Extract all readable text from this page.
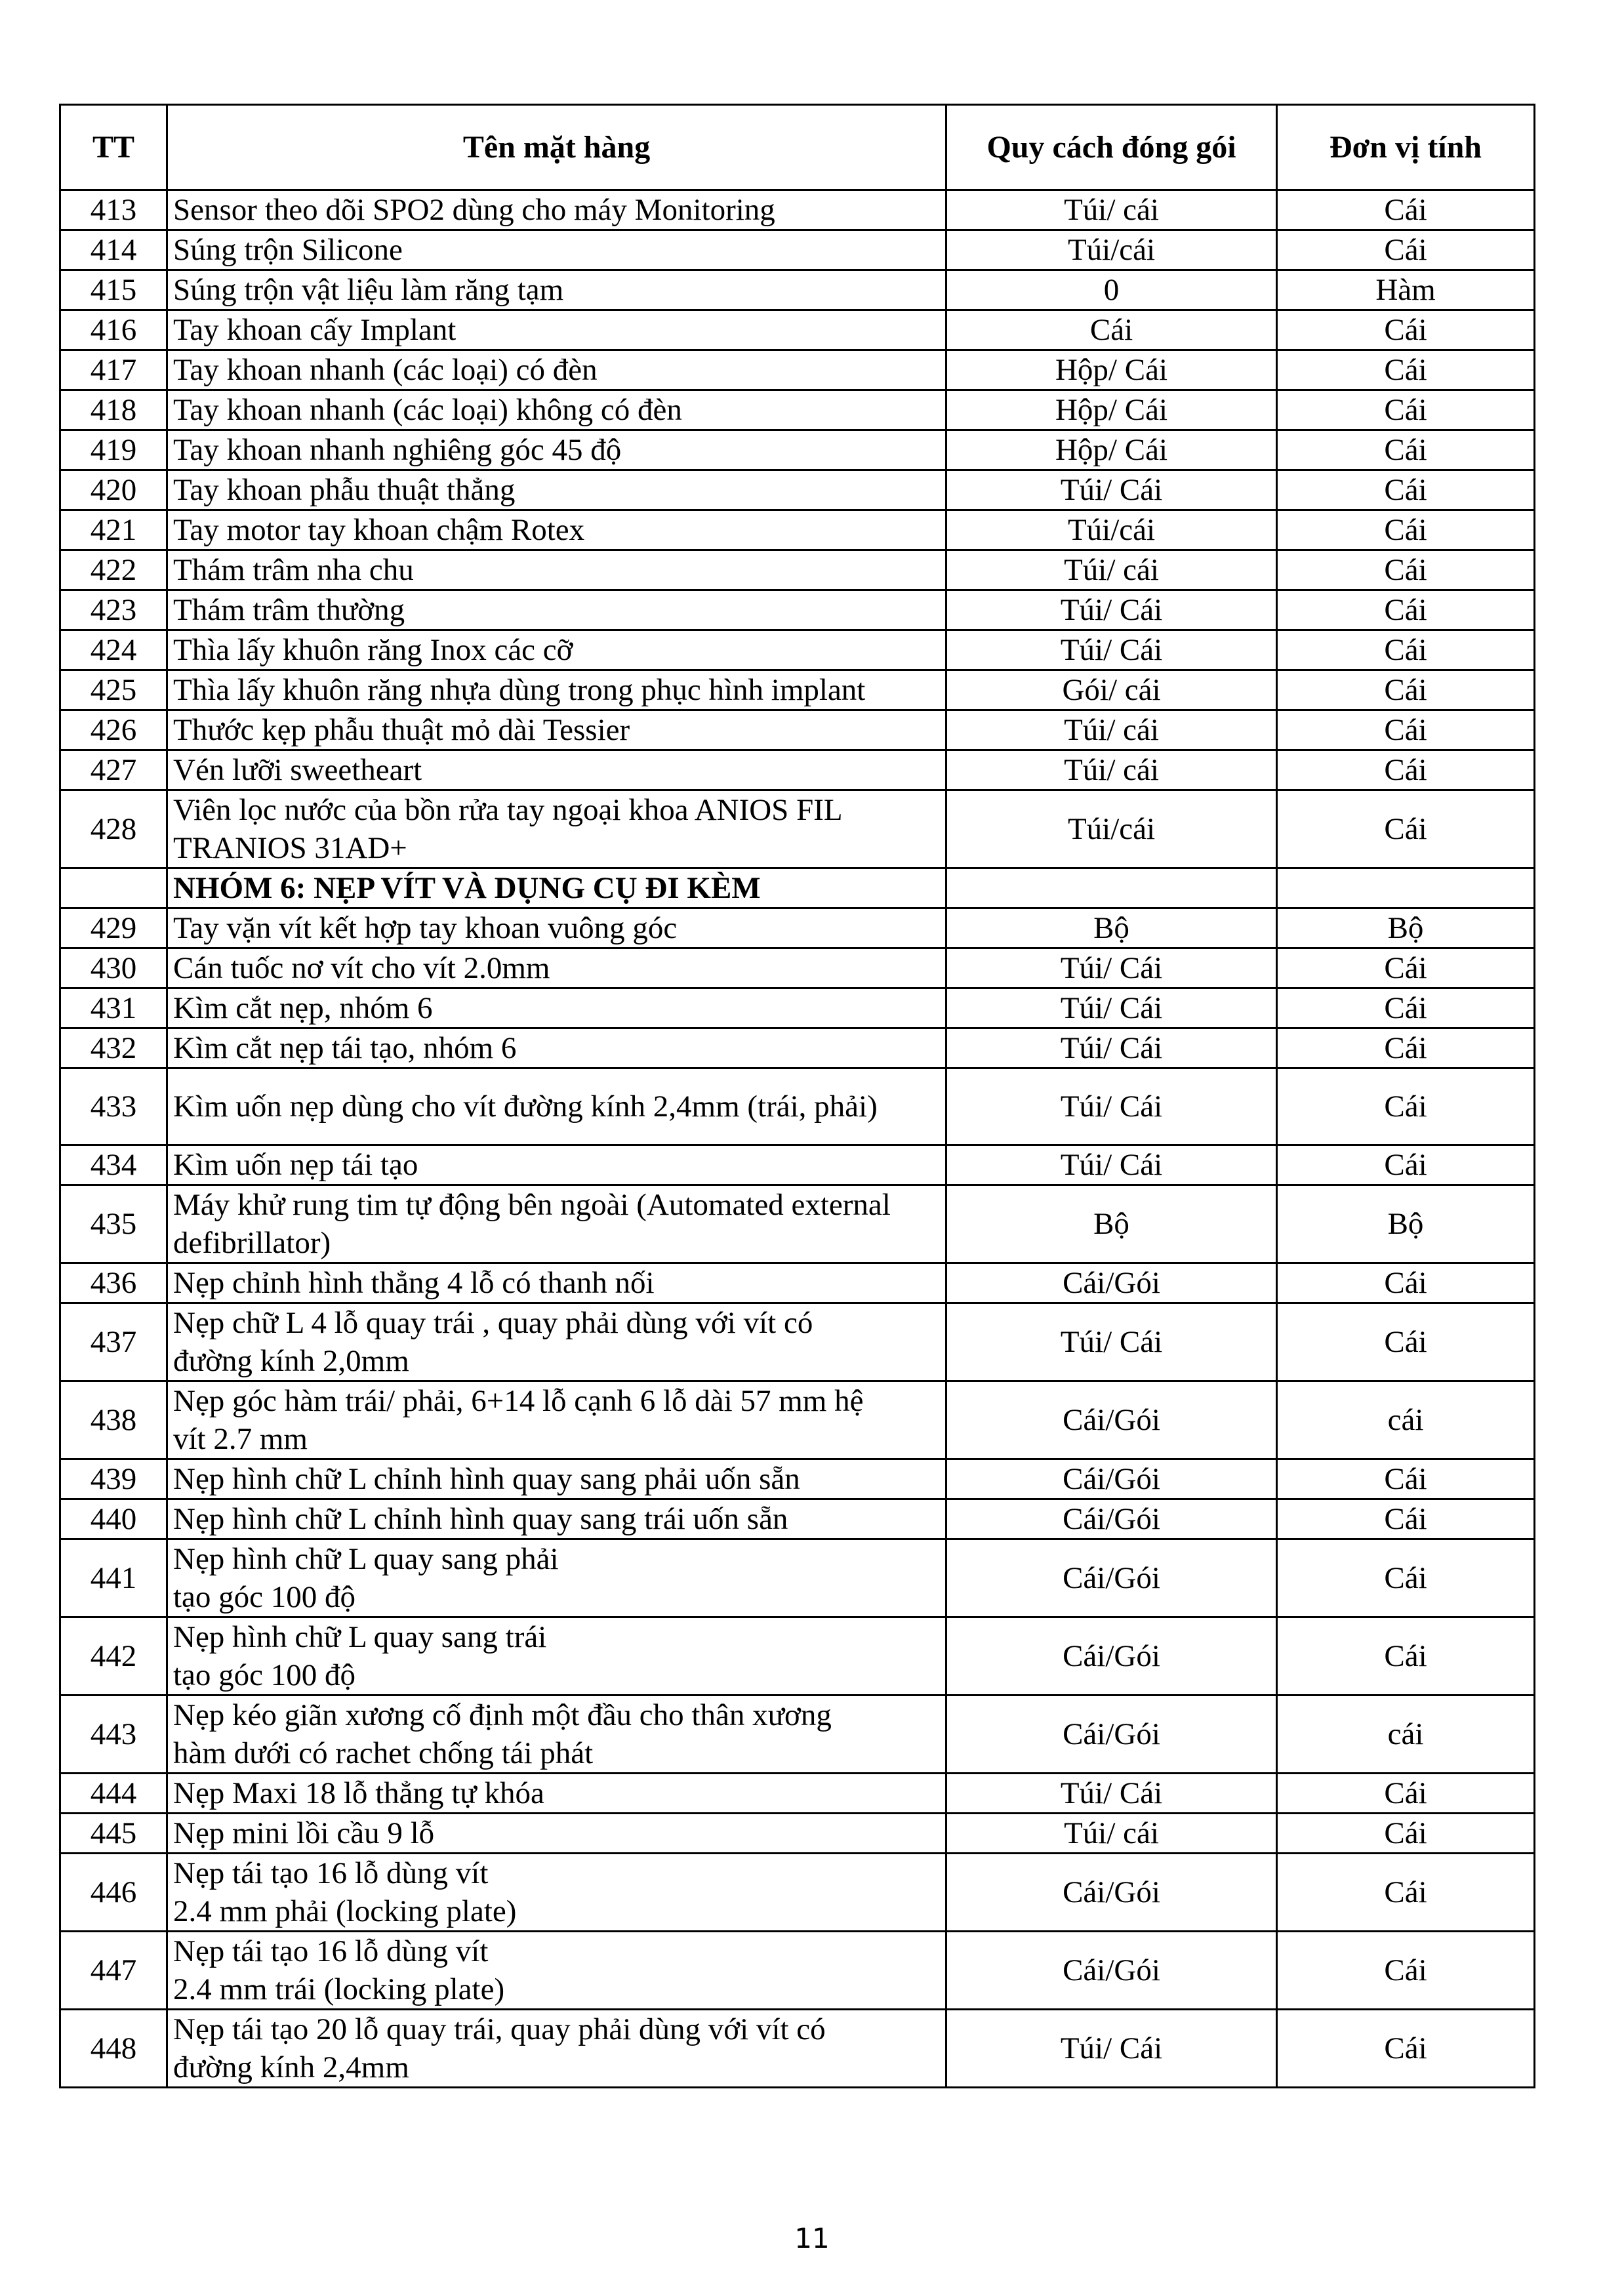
TT	Tên mặt hàng	Quy cách đóng gói	Đơn vị tính
413	Sensor theo dõi SPO2 dùng cho máy Monitoring	Túi/ cái	Cái
414	Súng trộn Silicone	Túi/cái	Cái
415	Súng trộn vật liệu làm răng tạm	0	Hàm
416	Tay khoan cấy Implant	Cái	Cái
417	Tay khoan nhanh (các loại) có đèn	Hộp/ Cái	Cái
418	Tay khoan nhanh (các loại) không có đèn	Hộp/ Cái	Cái
419	Tay khoan nhanh nghiêng góc 45 độ	Hộp/ Cái	Cái
420	Tay khoan phẫu thuật thẳng	Túi/ Cái	Cái
421	Tay motor tay khoan chậm Rotex	Túi/cái	Cái
422	Thám trâm nha chu	Túi/ cái	Cái
423	Thám trâm thường	Túi/ Cái	Cái
424	Thìa lấy khuôn răng Inox các cỡ	Túi/ Cái	Cái
425	Thìa lấy khuôn răng nhựa dùng trong phục hình implant	Gói/ cái	Cái
426	Thước kẹp phẫu thuật mỏ dài Tessier	Túi/ cái	Cái
427	Vén lưỡi sweetheart	Túi/ cái	Cái
428	Viên lọc nước của bồn rửa tay ngoại khoa ANIOS FIL
TRANIOS 31AD+	Túi/cái	Cái

	NHÓM 6: NẸP VÍT VÀ DỤNG CỤ ĐI KÈM		

429	Tay vặn vít kết hợp tay khoan vuông góc	Bộ	Bộ
430	Cán tuốc nơ vít cho vít 2.0mm	Túi/ Cái	Cái
431	Kìm cắt nẹp, nhóm 6	Túi/ Cái	Cái
432	Kìm cắt nẹp tái tạo, nhóm 6	Túi/ Cái	Cái
433	Kìm uốn nẹp dùng cho vít đường kính 2,4mm (trái, phải)	Túi/ Cái	Cái
434	Kìm uốn nẹp tái tạo	Túi/ Cái	Cái
435	Máy khử rung tim tự động bên ngoài (Automated external
defibrillator)	Bộ	Bộ
436	Nẹp chỉnh hình thẳng 4 lỗ có thanh nối	Cái/Gói	Cái
437	Nẹp chữ L 4 lỗ quay trái , quay phải dùng với vít có
đường kính 2,0mm	Túi/ Cái	Cái
438	Nẹp góc hàm trái/ phải, 6+14 lỗ cạnh 6 lỗ dài 57 mm hệ
vít 2.7 mm	Cái/Gói	cái
439	Nẹp hình chữ L chỉnh hình quay sang phải uốn sẵn	Cái/Gói	Cái
440	Nẹp hình chữ L chỉnh hình quay sang trái uốn sẵn	Cái/Gói	Cái
441	Nẹp hình chữ L quay sang phải
tạo góc 100 độ	Cái/Gói	Cái
442	Nẹp hình chữ L quay sang trái
tạo góc 100 độ	Cái/Gói	Cái
443	Nẹp kéo giãn xương cố định một đầu cho thân xương
hàm dưới có rachet chống tái phát	Cái/Gói	cái
444	Nẹp Maxi 18 lỗ thẳng tự khóa	Túi/ Cái	Cái
445	Nẹp mini lồi cầu 9 lỗ	Túi/ cái	Cái
446	Nẹp tái tạo 16 lỗ dùng vít
2.4 mm phải (locking plate)	Cái/Gói	Cái
447	Nẹp tái tạo 16 lỗ dùng vít
2.4 mm trái (locking plate)	Cái/Gói	Cái
448	Nẹp tái tạo 20 lỗ quay trái, quay phải dùng với vít có
đường kính 2,4mm	Túi/ Cái	Cái
11
